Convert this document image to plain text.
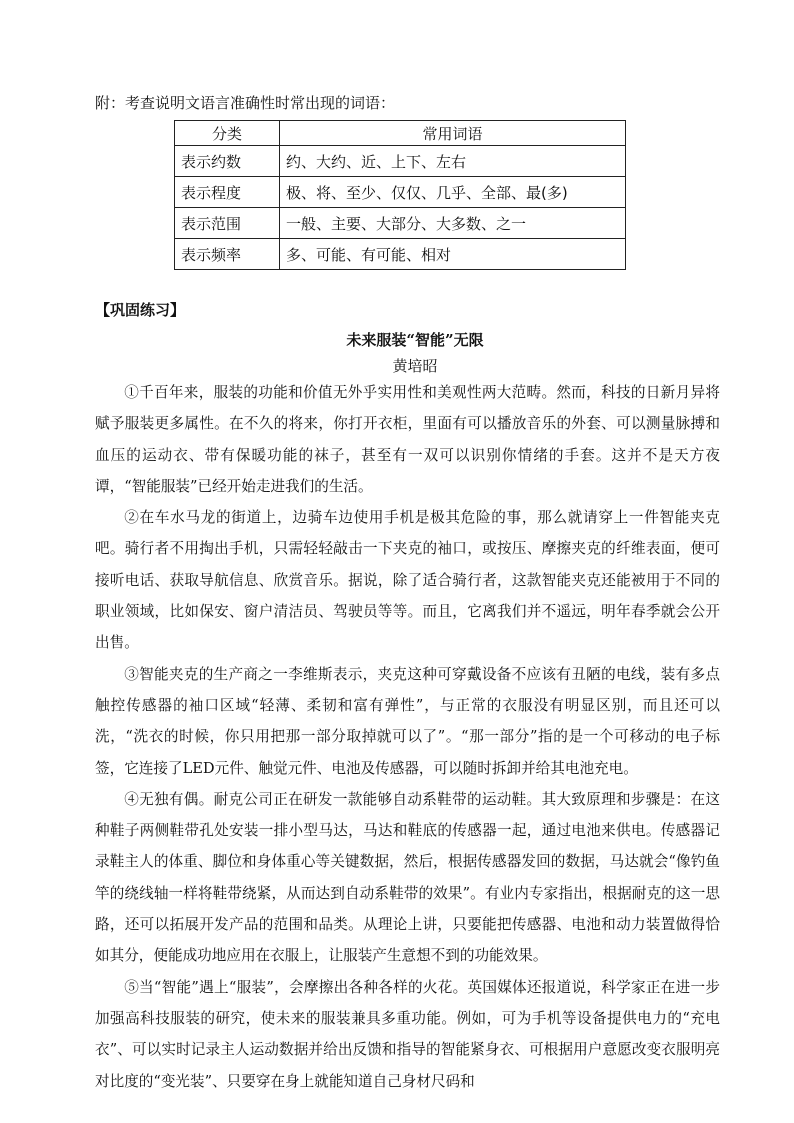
附：考查说明文语言准确性时常出现的词语：
分类	常用词语
表示约数	约、大约、近、上下、左右
表示程度	极、将、至少、仅仅、几乎、全部、最(多)
表示范围	一般、主要、大部分、大多数、之一
表示频率	多、可能、有可能、相对
【巩固练习】
未来服装“智能”无限
黄培昭

①千百年来，服装的功能和价值无外乎实用性和美观性两大范畴。然而，科技的日新月异将赋予服装更多属性。在不久的将来，你打开衣柜，里面有可以播放音乐的外套、可以测量脉搏和血压的运动衣、带有保暖功能的袜子，甚至有一双可以识别你情绪的手套。这并不是天方夜谭，“智能服装”已经开始走进我们的生活。

②在车水马龙的街道上，边骑车边使用手机是极其危险的事，那么就请穿上一件智能夹克吧。骑行者不用掏出手机，只需轻轻敲击一下夹克的袖口，或按压、摩擦夹克的纤维表面，便可接听电话、获取导航信息、欣赏音乐。据说，除了适合骑行者，这款智能夹克还能被用于不同的职业领域，比如保安、窗户清洁员、驾驶员等等。而且，它离我们并不遥远，明年春季就会公开出售。

③智能夹克的生产商之一李维斯表示，夹克这种可穿戴设备不应该有丑陋的电线，装有多点触控传感器的袖口区域“轻薄、柔韧和富有弹性”，与正常的衣服没有明显区别，而且还可以洗，“洗衣的时候，你只用把那一部分取掉就可以了”。“那一部分”指的是一个可移动的电子标签，它连接了LED元件、触觉元件、电池及传感器，可以随时拆卸并给其电池充电。

④无独有偶。耐克公司正在研发一款能够自动系鞋带的运动鞋。其大致原理和步骤是：在这种鞋子两侧鞋带孔处安装一排小型马达，马达和鞋底的传感器一起，通过电池来供电。传感器记录鞋主人的体重、脚位和身体重心等关键数据，然后，根据传感器发回的数据，马达就会“像钓鱼竿的绕线轴一样将鞋带绕紧，从而达到自动系鞋带的效果”。有业内专家指出，根据耐克的这一思路，还可以拓展开发产品的范围和品类。从理论上讲，只要能把传感器、电池和动力装置做得恰如其分，便能成功地应用在衣服上，让服装产生意想不到的功能效果。

⑤当“智能”遇上“服装”，会摩擦出各种各样的火花。英国媒体还报道说，科学家正在进一步加强高科技服装的研究，使未来的服装兼具多重功能。例如，可为手机等设备提供电力的“充电衣”、可以实时记录主人运动数据并给出反馈和指导的智能紧身衣、可根据用户意愿改变衣服明亮对比度的“变光装”、只要穿在身上就能知道自己身材尺码和
